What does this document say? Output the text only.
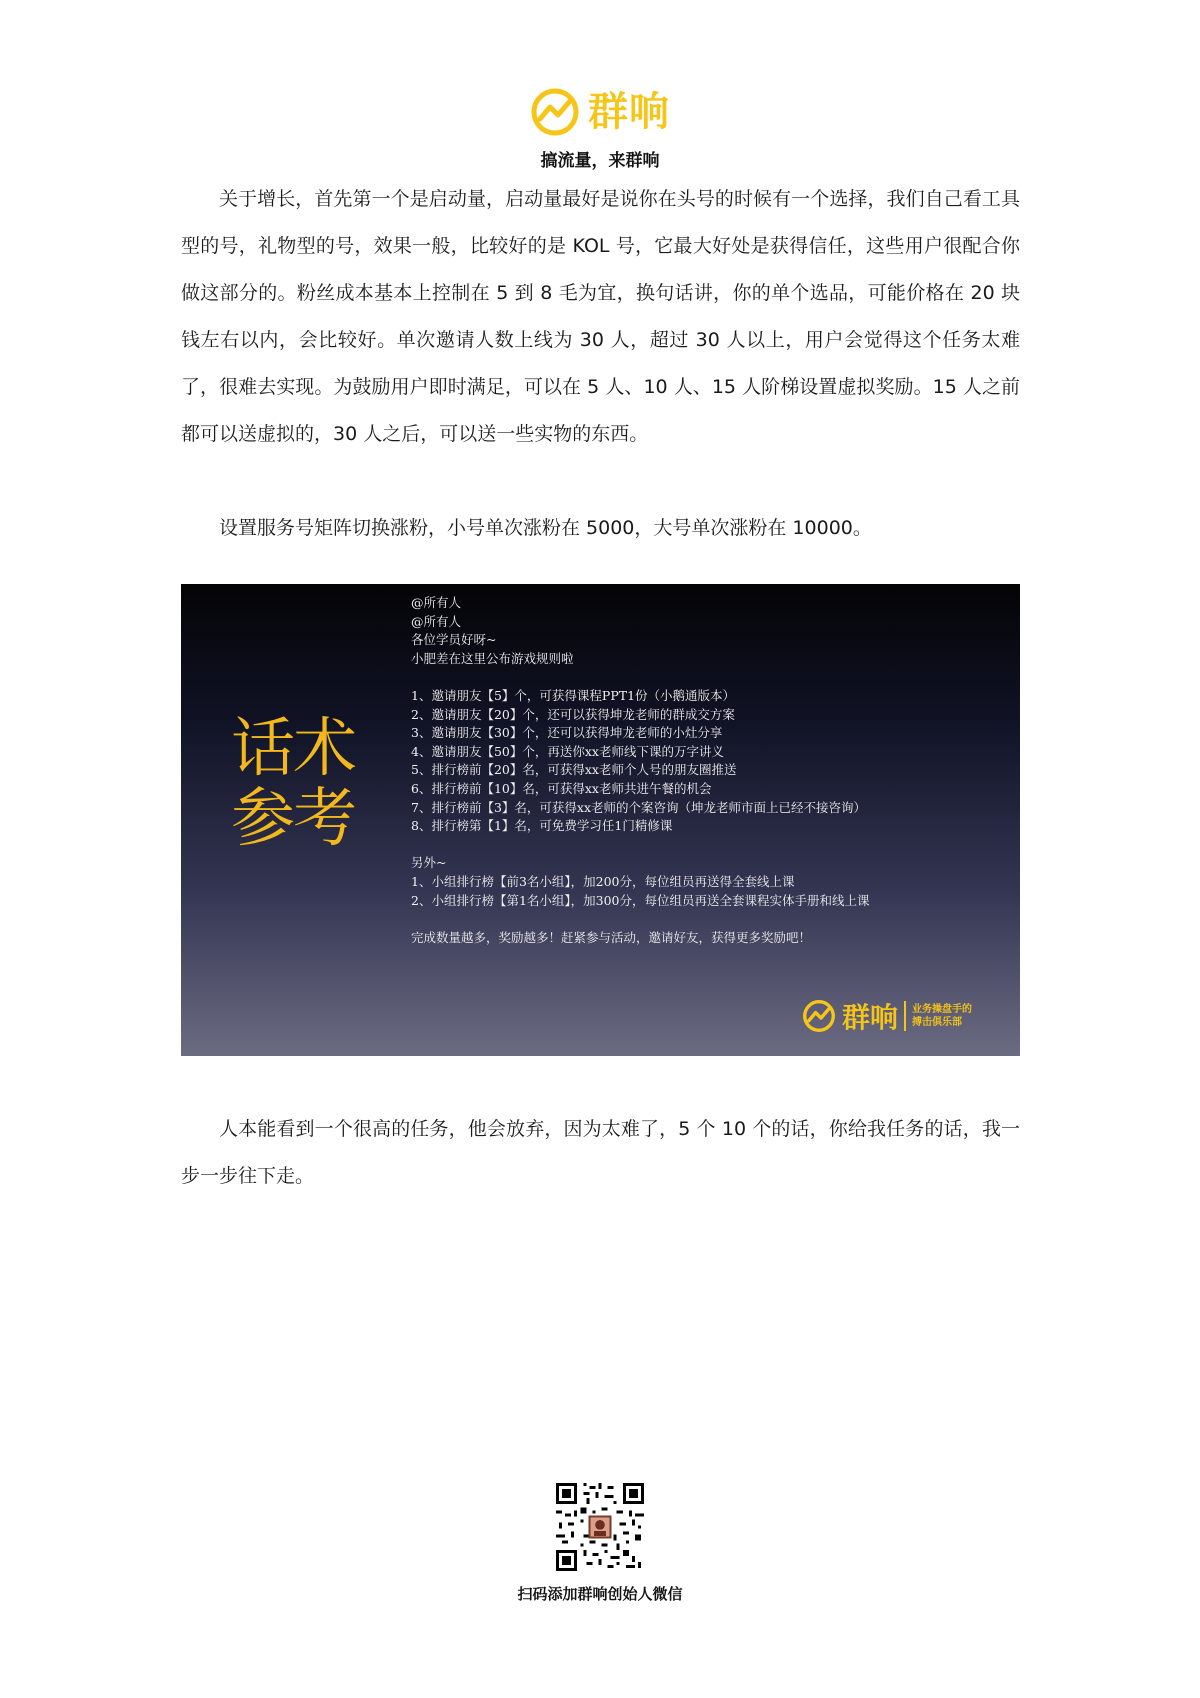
群响
搞流量，来群响

关于增长，首先第一个是启动量，启动量最好是说你在头号的时候有一个选择，我们自己看工具型的号，礼物型的号，效果一般，比较好的是 KOL 号，它最大好处是获得信任，这些用户很配合你做这部分的。粉丝成本基本上控制在 5 到 8 毛为宜，换句话讲，你的单个选品，可能价格在 20 块钱左右以内，会比较好。单次邀请人数上线为 30 人，超过 30 人以上，用户会觉得这个任务太难了，很难去实现。为鼓励用户即时满足，可以在 5 人、10 人、15 人阶梯设置虚拟奖励。15 人之前都可以送虚拟的，30 人之后，可以送一些实物的东西。

设置服务号矩阵切换涨粉，小号单次涨粉在 5000，大号单次涨粉在 10000。

话术
参考
@所有人
@所有人
各位学员好呀~
小肥差在这里公布游戏规则啦
1、邀请朋友【5】个，可获得课程PPT1份（小鹅通版本）
2、邀请朋友【20】个，还可以获得坤龙老师的群成交方案
3、邀请朋友【30】个，还可以获得坤龙老师的小灶分享
4、邀请朋友【50】个，再送你xx老师线下课的万字讲义
5、排行榜前【20】名，可获得xx老师个人号的朋友圈推送
6、排行榜前【10】名，可获得xx老师共进午餐的机会
7、排行榜前【3】名，可获得xx老师的个案咨询（坤龙老师市面上已经不接咨询）
8、排行榜第【1】名，可免费学习任1门精修课
另外~
1、小组排行榜【前3名小组】，加200分，每位组员再送得全套线上课
2、小组排行榜【第1名小组】，加300分，每位组员再送全套课程实体手册和线上课
完成数量越多，奖励越多！赶紧参与活动，邀请好友，获得更多奖励吧！
群响 业务操盘手的
搏击俱乐部

人本能看到一个很高的任务，他会放弃，因为太难了，5 个 10 个的话，你给我任务的话，我一步一步往下走。

扫码添加群响创始人微信
